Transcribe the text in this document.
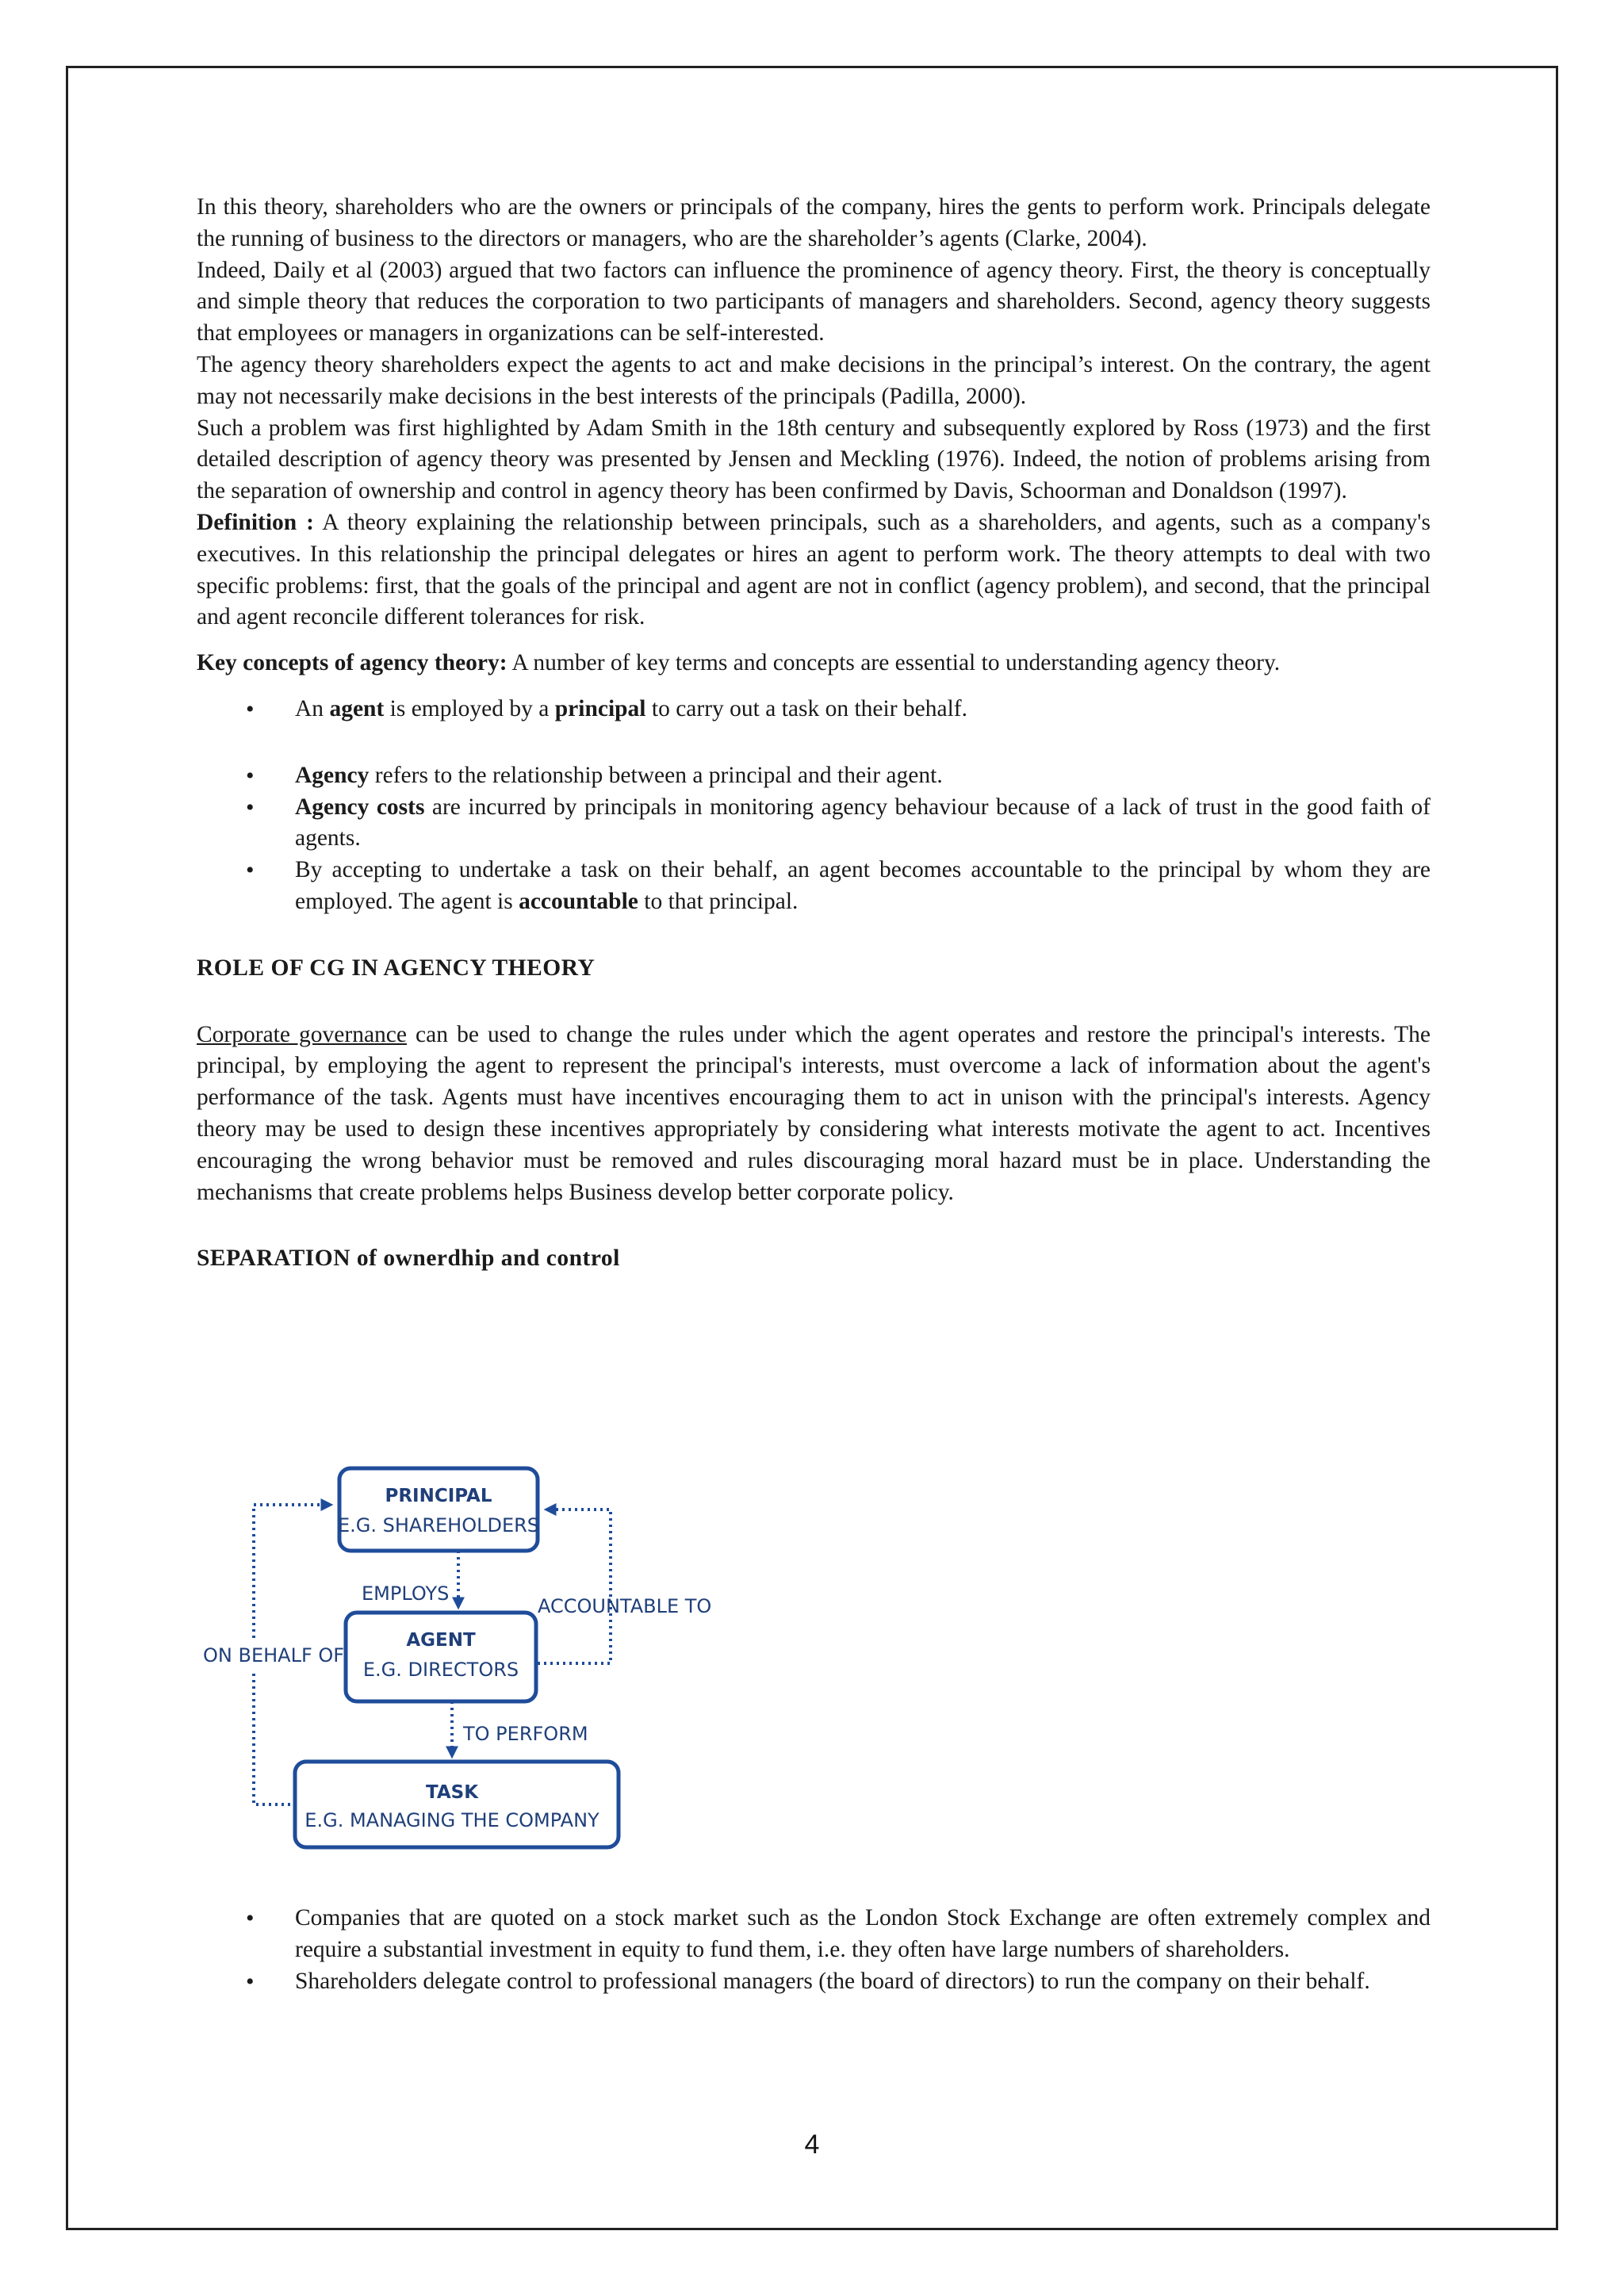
In this theory, shareholders who are the owners or principals of the company, hires the gents to perform work. Principals delegate the running of business to the directors or managers, who are the shareholder’s agents (Clarke, 2004).

Indeed, Daily et al (2003) argued that two factors can influence the prominence of agency theory. First, the theory is conceptually and simple theory that reduces the corporation to two participants of managers and shareholders. Second, agency theory suggests that employees or managers in organizations can be self-interested.

The agency theory shareholders expect the agents to act and make decisions in the principal’s interest. On the contrary, the agent may not necessarily make decisions in the best interests of the principals (Padilla, 2000).

Such a problem was first highlighted by Adam Smith in the 18th century and subsequently explored by Ross (1973) and the first detailed description of agency theory was presented by Jensen and Meckling (1976). Indeed, the notion of problems arising from the separation of ownership and control in agency theory has been confirmed by Davis, Schoorman and Donaldson (1997).

Definition : A theory explaining the relationship between principals, such as a shareholders, and agents, such as a company's executives. In this relationship the principal delegates or hires an agent to perform work. The theory attempts to deal with two specific problems: first, that the goals of the principal and agent are not in conflict (agency problem), and second, that the principal and agent reconcile different tolerances for risk.

Key concepts of agency theory: A number of key terms and concepts are essential to understanding agency theory.

• An agent is employed by a principal to carry out a task on their behalf.
• Agency refers to the relationship between a principal and their agent.
• Agency costs are incurred by principals in monitoring agency behaviour because of a lack of trust in the good faith of agents.
• By accepting to undertake a task on their behalf, an agent becomes accountable to the principal by whom they are employed. The agent is accountable to that principal.

ROLE OF CG IN AGENCY THEORY

Corporate governance can be used to change the rules under which the agent operates and restore the principal's interests. The principal, by employing the agent to represent the principal's interests, must overcome a lack of information about the agent's performance of the task. Agents must have incentives encouraging them to act in unison with the principal's interests. Agency theory may be used to design these incentives appropriately by considering what interests motivate the agent to act. Incentives encouraging the wrong behavior must be removed and rules discouraging moral hazard must be in place. Understanding the mechanisms that create problems helps Business develop better corporate policy.

SEPARATION of ownerdhip and control

PRINCIPAL
E.G. SHAREHOLDERS
AGENT
E.G. DIRECTORS
TASK
E.G. MANAGING THE COMPANY
EMPLOYS
ACCOUNTABLE TO
TO PERFORM
ON BEHALF OF
• Companies that are quoted on a stock market such as the London Stock Exchange are often extremely complex and require a substantial investment in equity to fund them, i.e. they often have large numbers of shareholders.
• Shareholders delegate control to professional managers (the board of directors) to run the company on their behalf.
4
